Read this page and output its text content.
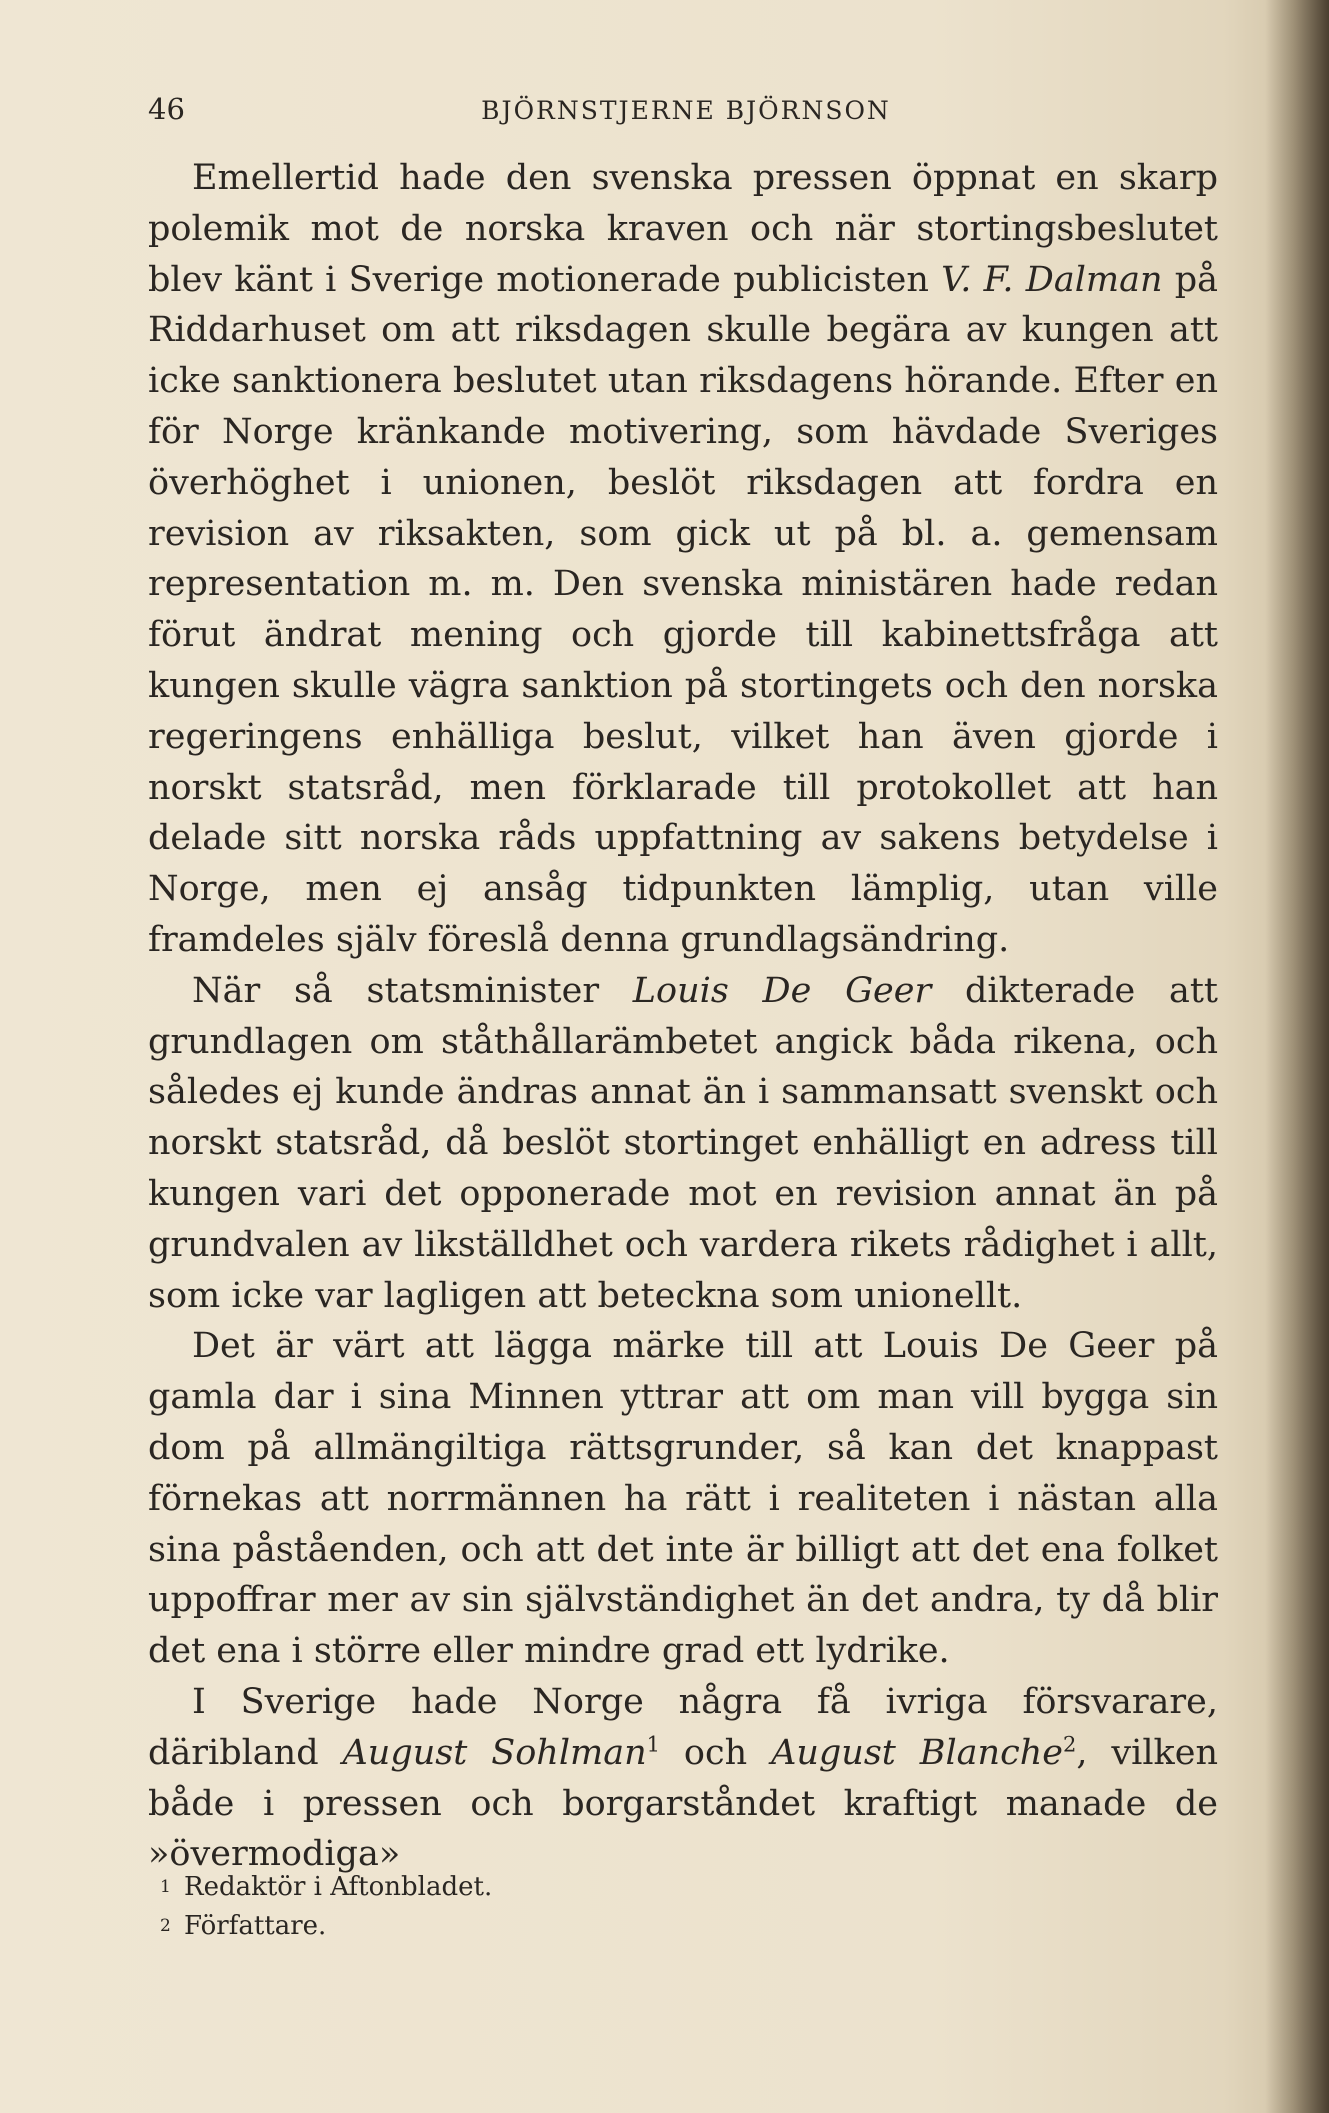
46	BJÖRNSTJERNE BJÖRNSON

Emellertid hade den svenska pressen öppnat en skarp polemik mot de norska kraven och när stortingsbeslutet blev känt i Sverige motionerade publicisten V. F. Dalman på Riddarhuset om att riksdagen skulle begära av kungen att icke sanktionera beslutet utan riksdagens hörande. Efter en för Norge kränkande motivering, som hävdade Sveriges överhöghet i unionen, beslöt riksdagen att fordra en revision av riksakten, som gick ut på bl. a. gemensam representation m. m. Den svenska ministären hade redan förut ändrat mening och gjorde till kabinettsfråga att kungen skulle vägra sanktion på stortingets och den norska regeringens enhälliga beslut, vilket han även gjorde i norskt statsråd, men förklarade till protokollet att han delade sitt norska råds uppfattning av sakens betydelse i Norge, men ej ansåg tidpunkten lämplig, utan ville framdeles själv föreslå denna grundlagsändring.

När så statsminister Louis De Geer dikterade att grundlagen om ståthållarämbetet angick båda rikena, och således ej kunde ändras annat än i sammansatt svenskt och norskt statsråd, då beslöt stortinget enhälligt en adress till kungen vari det opponerade mot en revision annat än på grundvalen av likställdhet och vardera rikets rådighet i allt, som icke var lagligen att beteckna som unionellt.

Det är värt att lägga märke till att Louis De Geer på gamla dar i sina Minnen yttrar att om man vill bygga sin dom på allmängiltiga rättsgrunder, så kan det knappast förnekas att norrmännen ha rätt i realiteten i nästan alla sina påståenden, och att det inte är billigt att det ena folket uppoffrar mer av sin självständighet än det andra, ty då blir det ena i större eller mindre grad ett lydrike.

I Sverige hade Norge några få ivriga försvarare, däribland August Sohlman$^1$ och August Blanche$^2$, vilken både i pressen och borgarståndet kraftigt manade de »övermodiga»

1 Redaktör i Aftonbladet.
2 Författare.
